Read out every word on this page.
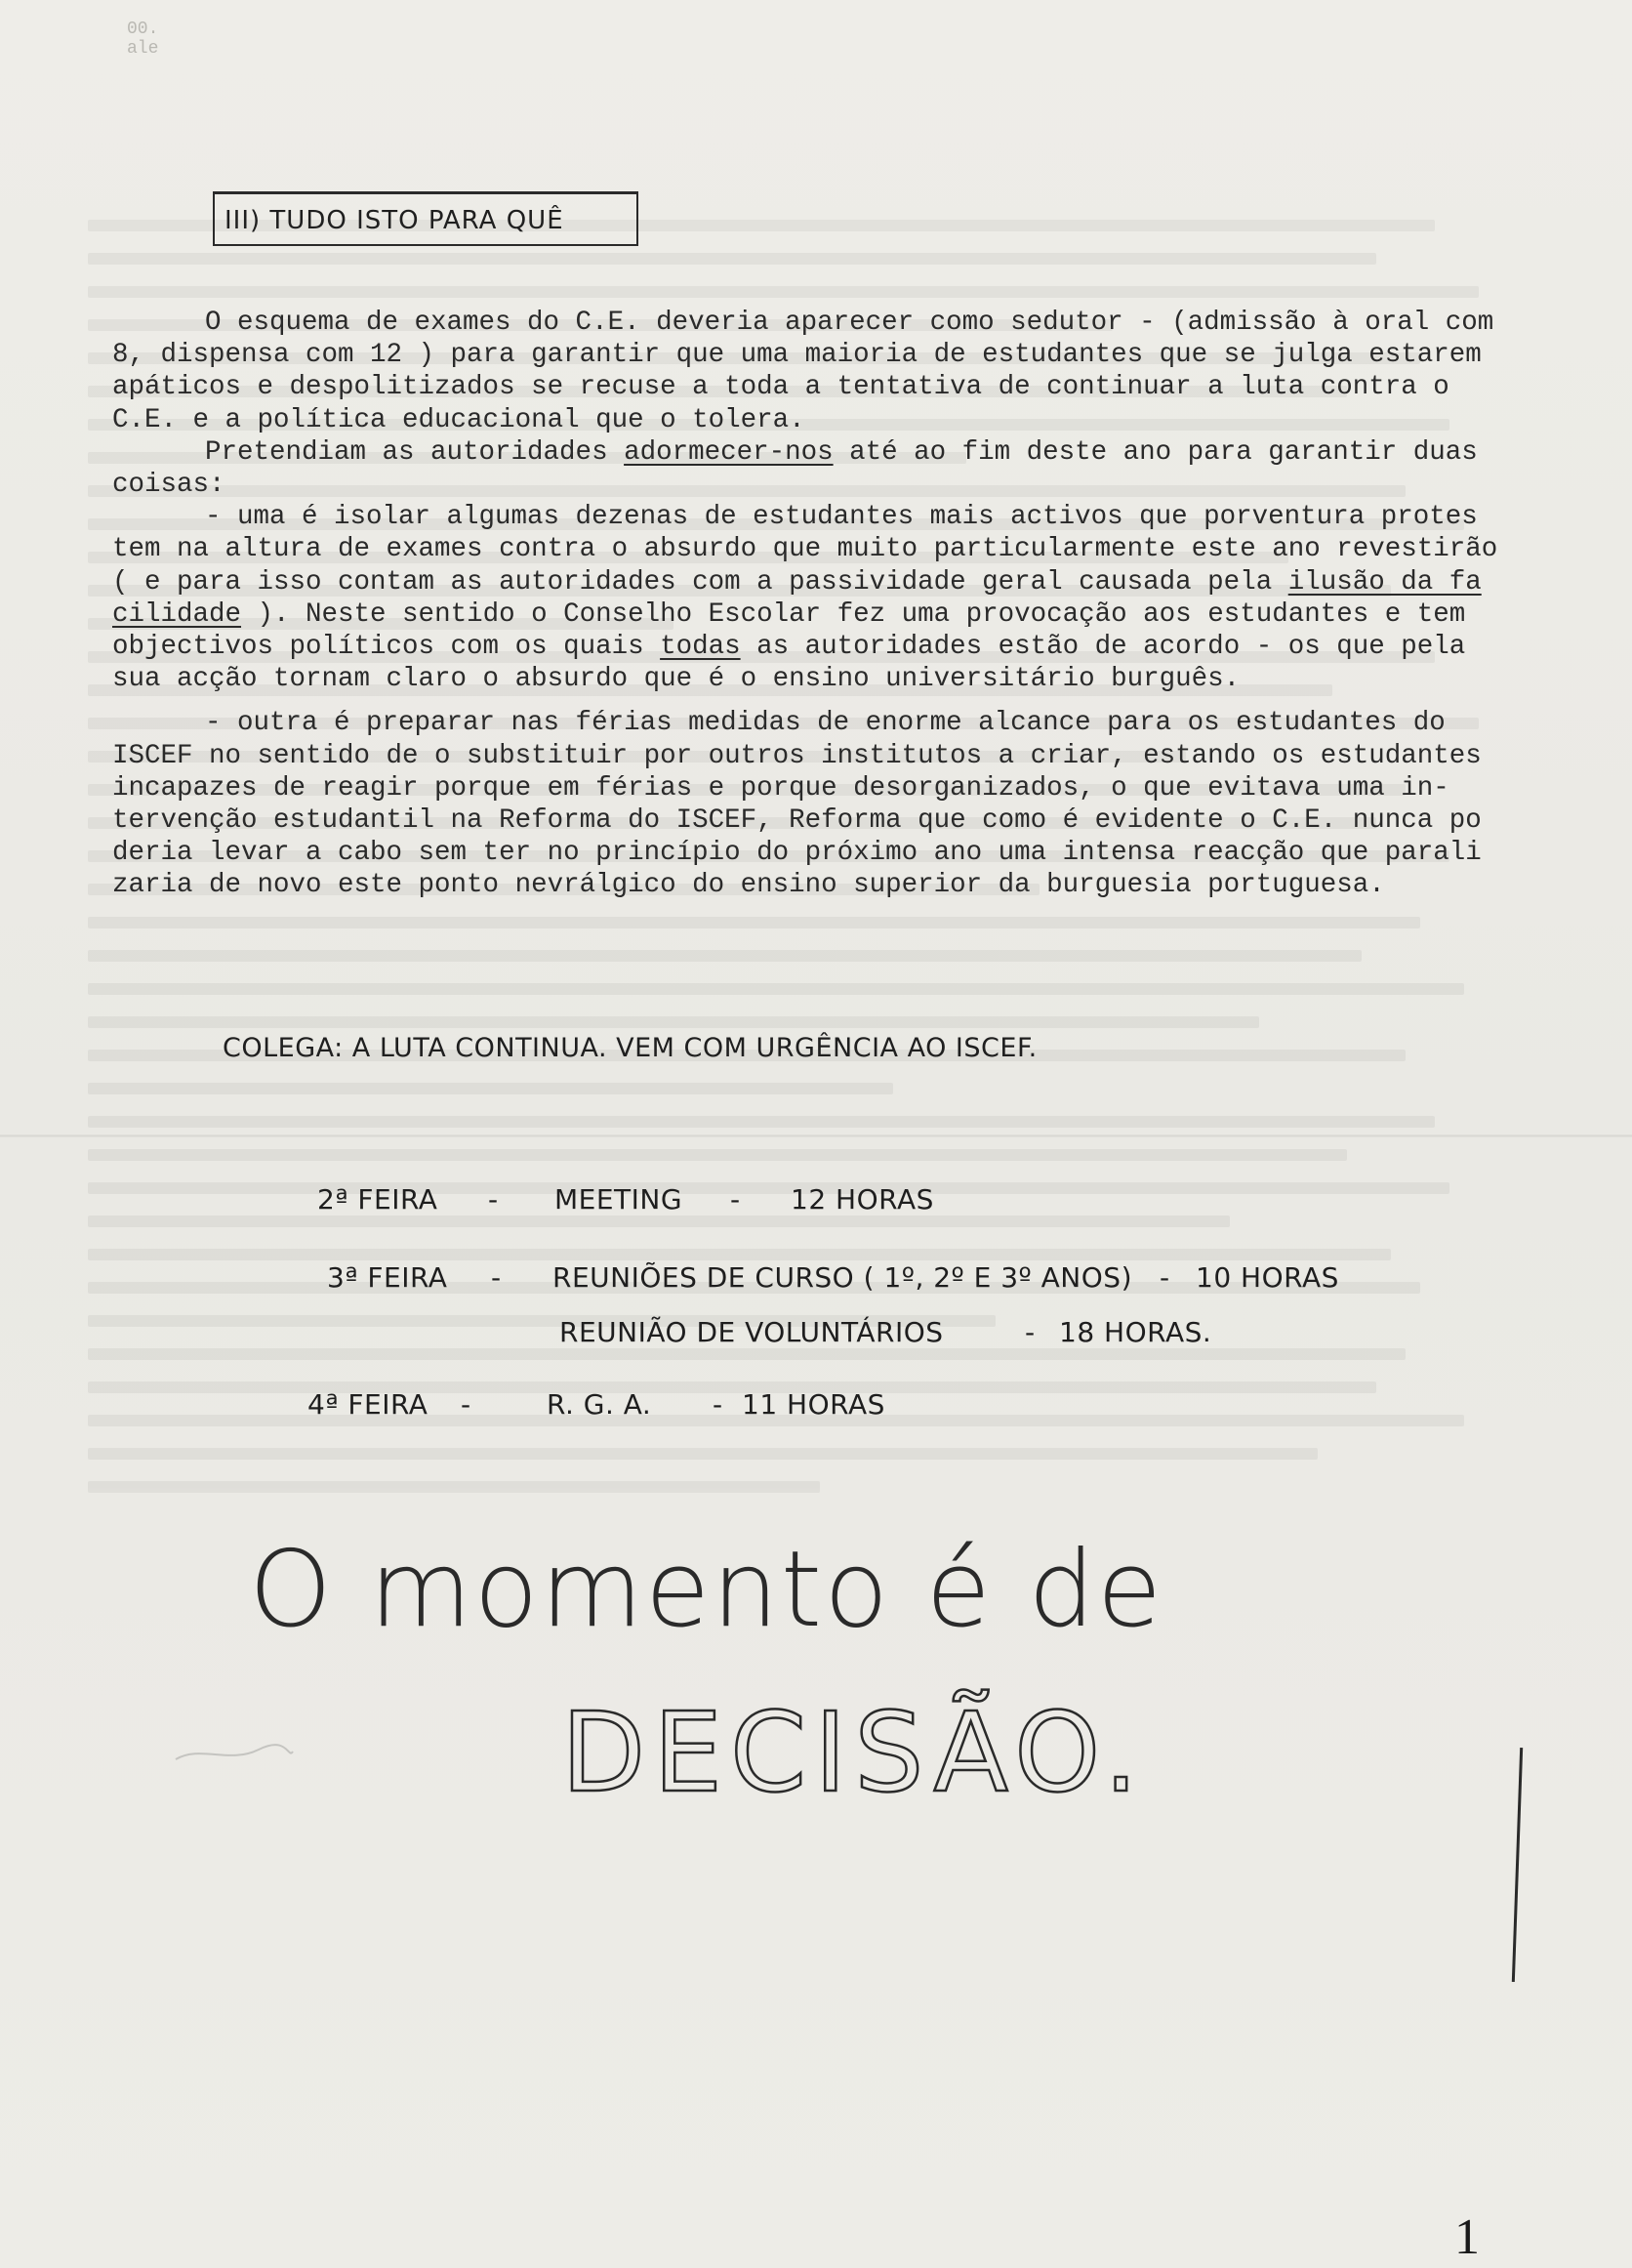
00.
ale
III) TUDO ISTO PARA QUÊ

O esquema de exames do C.E. deveria aparecer como sedutor - (admissão à oral com
8, dispensa com 12 ) para garantir que uma maioria de estudantes que se julga estarem
apáticos e despolitizados se recuse a toda a tentativa de continuar a luta contra o
C.E. e a política educacional que o tolera.

Pretendiam as autoridades adormecer-nos até ao fim deste ano para garantir duas
coisas:

- uma é isolar algumas dezenas de estudantes mais activos que porventura protes
tem na altura de exames contra o absurdo que muito particularmente este ano revestirão
( e para isso contam as autoridades com a passividade geral causada pela ilusão da fa
cilidade ). Neste sentido o Conselho Escolar fez uma provocação aos estudantes e tem
objectivos políticos com os quais todas as autoridades estão de acordo - os que pela
sua acção tornam claro o absurdo que é o ensino universitário burguês.

- outra é preparar nas férias medidas de enorme alcance para os estudantes do
ISCEF no sentido de o substituir por outros institutos a criar, estando os estudantes
incapazes de reagir porque em férias e porque desorganizados, o que evitava uma in-
tervenção estudantil na Reforma do ISCEF, Reforma que como é evidente o C.E. nunca po
deria levar a cabo sem ter no princípio do próximo ano uma intensa reacção que parali
zaria de novo este ponto nevrálgico do ensino superior da burguesia portuguesa.

COLEGA: A LUTA CONTINUA. VEM COM URGÊNCIA AO ISCEF.
2ª FEIRA - MEETING - 12 HORAS
3ª FEIRA - REUNIÕES DE CURSO ( 1º, 2º E 3º ANOS) - 10 HORAS
REUNIÃO DE VOLUNTÁRIOS	- 18 HORAS.
4ª FEIRA -	R. G. A. - 11 HORAS
O momento é de
DECISÃO.
1
